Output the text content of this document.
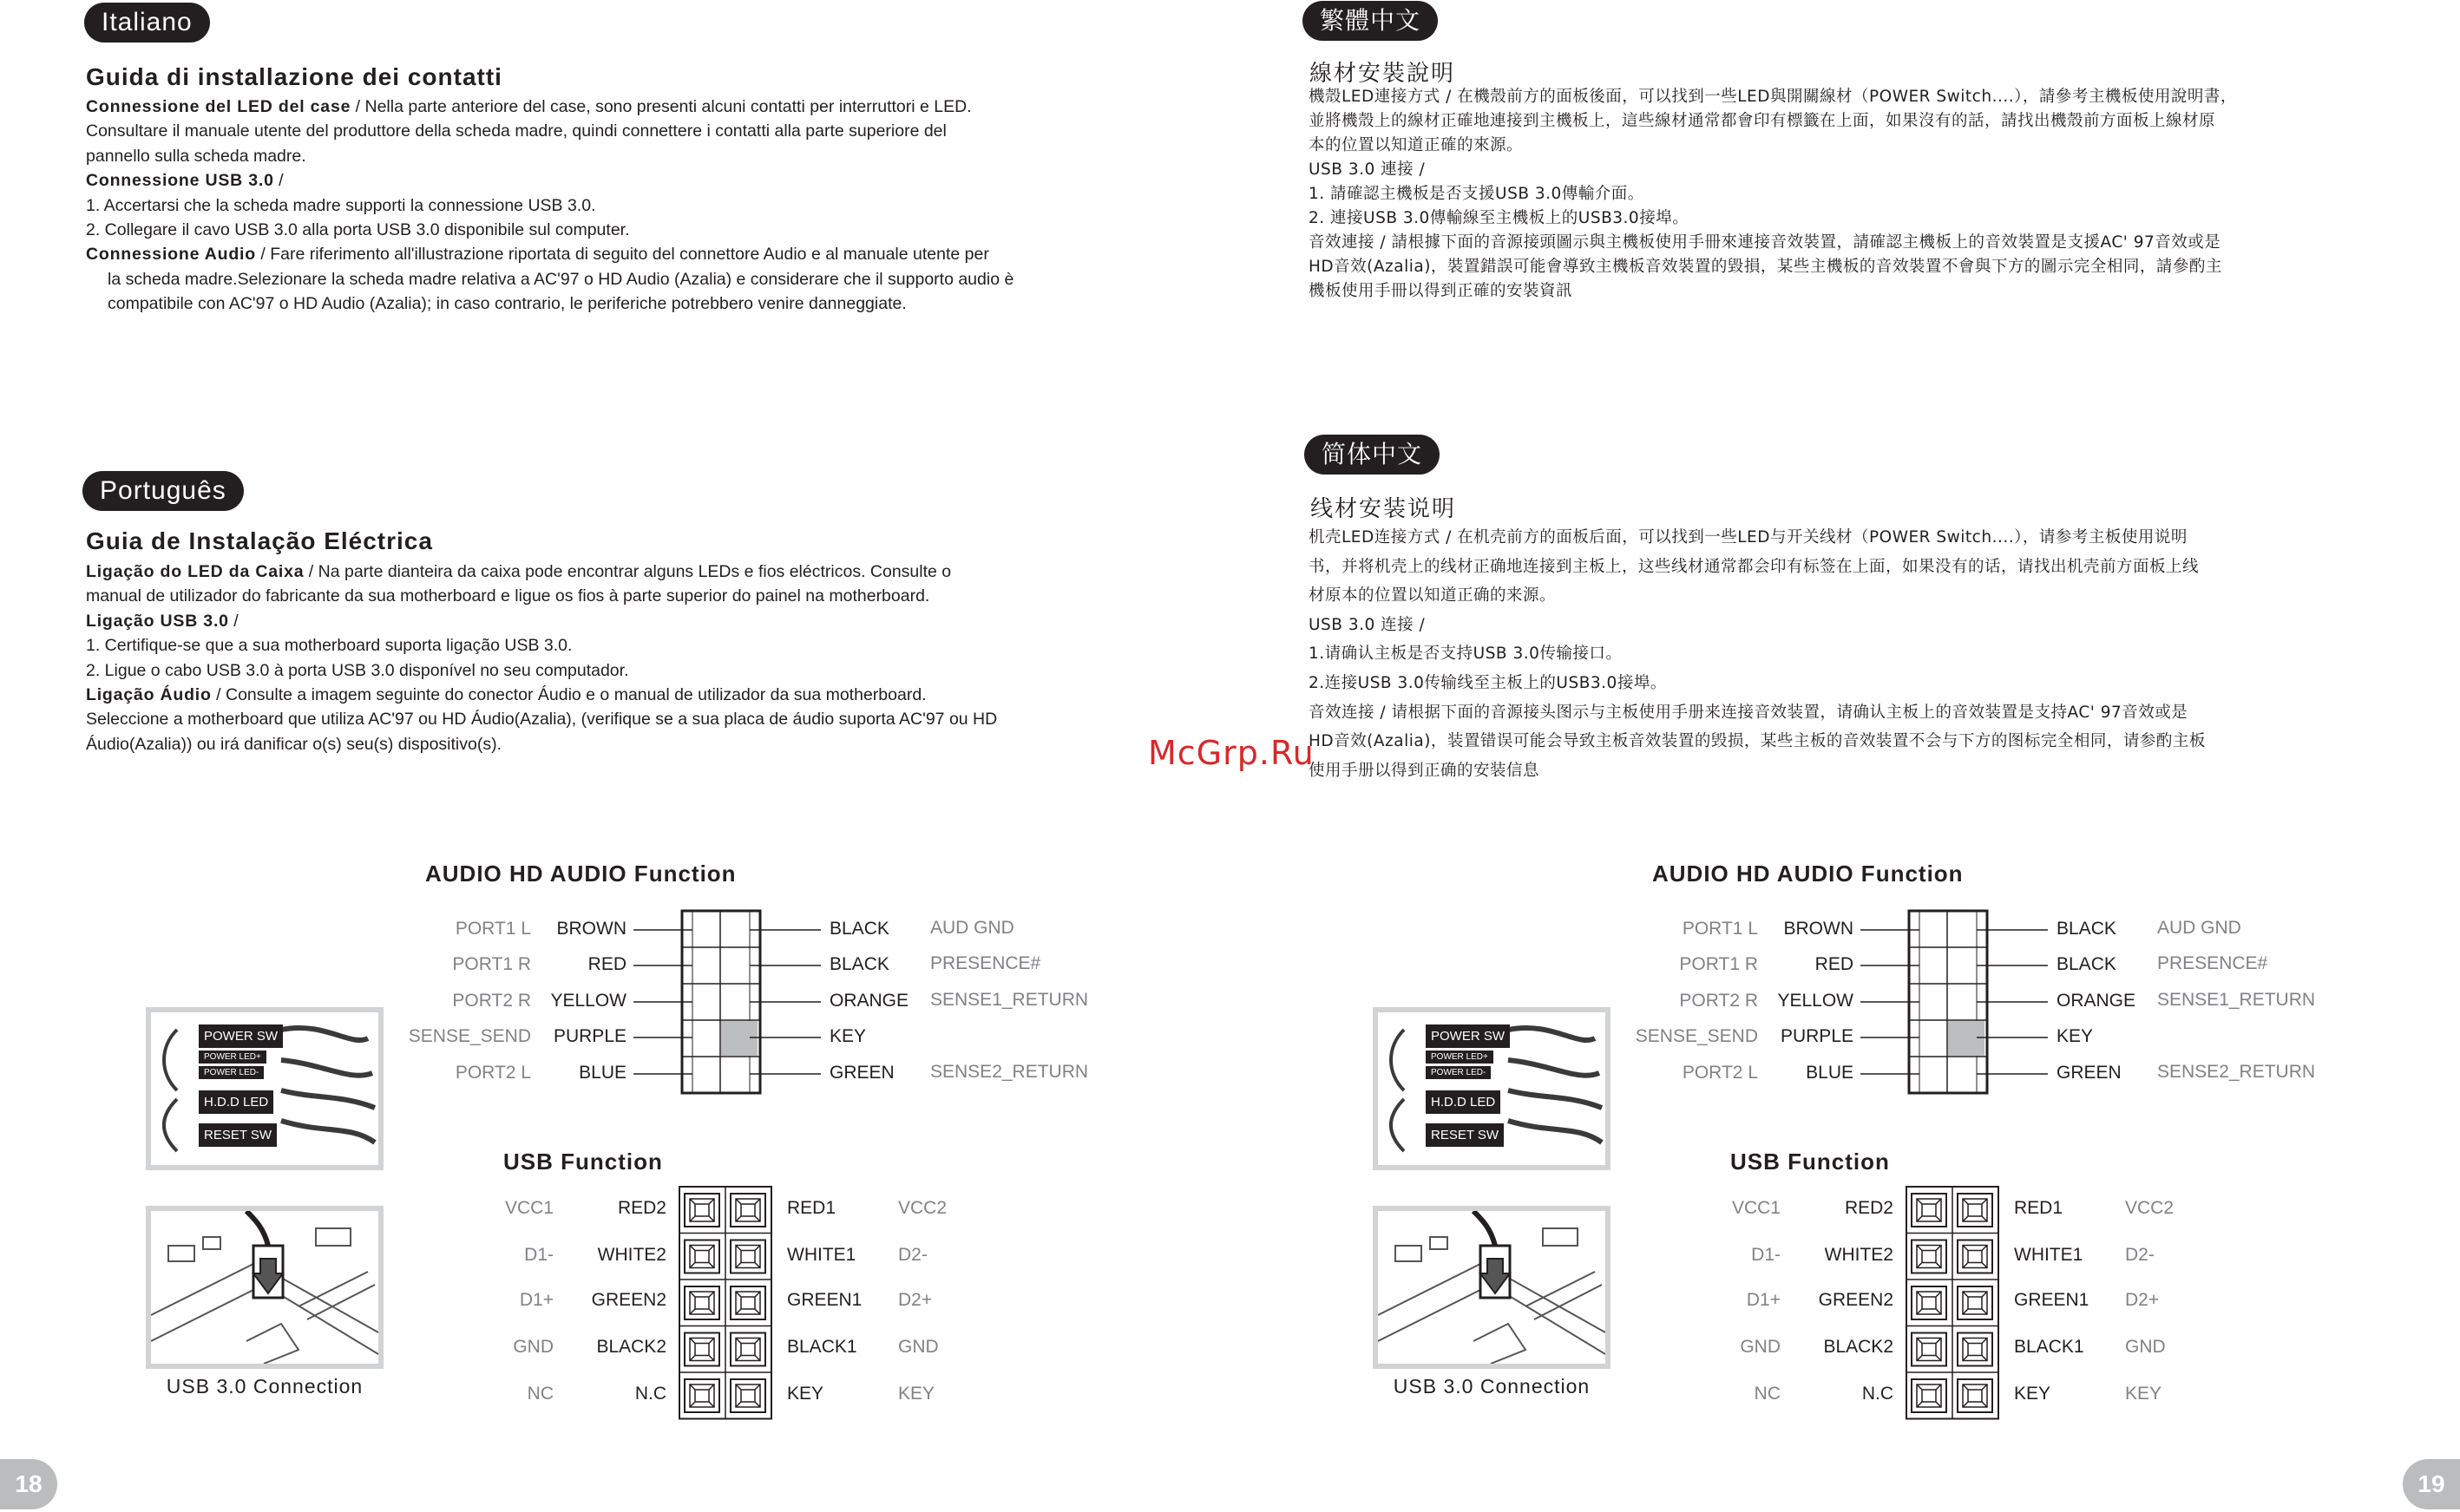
Italiano
Guida di installazione dei contatti

Connessione del LED del case / Nella parte anteriore del case, sono presenti alcuni contatti per interruttori e LED.

Consultare il manuale utente del produttore della scheda madre, quindi connettere i contatti alla parte superiore del

pannello sulla scheda madre.

Connessione USB 3.0 /

1. Accertarsi che la scheda madre supporti la connessione USB 3.0.

2. Collegare il cavo USB 3.0 alla porta USB 3.0 disponibile sul computer.

Connessione Audio / Fare riferimento all'illustrazione riportata di seguito del connettore Audio e al manuale utente per

la scheda madre.Selezionare la scheda madre relativa a AC'97 o HD Audio (Azalia) e considerare che il supporto audio è

compatibile con AC'97 o HD Audio (Azalia); in caso contrario, le periferiche potrebbero venire danneggiate.

Português
Guia de Instalação Eléctrica

Ligação do LED da Caixa / Na parte dianteira da caixa pode encontrar alguns LEDs e fios eléctricos. Consulte o

manual de utilizador do fabricante da sua motherboard e ligue os fios à parte superior do painel na motherboard.

Ligação USB 3.0 /

1. Certifique-se que a sua motherboard suporta ligação USB 3.0.

2. Ligue o cabo USB 3.0 à porta USB 3.0 disponível no seu computador.

Ligação Áudio / Consulte a imagem seguinte do conector Áudio e o manual de utilizador da sua motherboard.

Seleccione a motherboard que utiliza AC'97 ou HD Áudio(Azalia), (verifique se a sua placa de áudio suporta AC'97 ou HD

Áudio(Azalia)) ou irá danificar o(s) seu(s) dispositivo(s).

繁體中文
線材安裝說明

機殼LED連接方式 / 在機殼前方的面板後面，可以找到一些LED與開關線材（POWER Switch....），請參考主機板使用說明書，

並將機殼上的線材正確地連接到主機板上，這些線材通常都會印有標籤在上面，如果沒有的話，請找出機殼前方面板上線材原

本的位置以知道正確的來源。

USB 3.0 連接 /

1. 請確認主機板是否支援USB 3.0傳輸介面。

2. 連接USB 3.0傳輸線至主機板上的USB3.0接埠。

音效連接 / 請根據下面的音源接頭圖示與主機板使用手冊來連接音效裝置，請確認主機板上的音效裝置是支援AC' 97音效或是

HD音效(Azalia)，裝置錯誤可能會導致主機板音效裝置的毀損，某些主機板的音效裝置不會與下方的圖示完全相同，請參酌主

機板使用手冊以得到正確的安裝資訊

简体中文
线材安装说明

机壳LED连接方式 / 在机壳前方的面板后面，可以找到一些LED与开关线材（POWER Switch....），请参考主板使用说明

书，并将机壳上的线材正确地连接到主板上，这些线材通常都会印有标签在上面，如果没有的话，请找出机壳前方面板上线

材原本的位置以知道正确的来源。

USB 3.0 连接 /

1.请确认主板是否支持USB 3.0传输接口。

2.连接USB 3.0传输线至主板上的USB3.0接埠。

音效连接 / 请根据下面的音源接头图示与主板使用手册来连接音效装置，请确认主板上的音效装置是支持AC' 97音效或是

HD音效(Azalia)，装置错误可能会导致主板音效装置的毁损，某些主板的音效装置不会与下方的图标完全相同，请参酌主板

使用手册以得到正确的安装信息

McGrp.Ru
18	19
AUDIO HD AUDIO Function
PORT1 L	BROWN	BLACK	AUD GND
PORT1 R	RED	BLACK	PRESENCE#
PORT2 R	YELLOW	ORANGE	SENSE1_RETURN
SENSE_SEND	PURPLE	KEY
PORT2 L	BLUE	GREEN	SENSE2_RETURN
USB Function
VCC1	RED2	RED1	VCC2
D1-	WHITE2	WHITE1	D2-
D1+	GREEN2	GREEN1	D2+
GND	BLACK2	BLACK1	GND
NC	N.C	KEY	KEY
POWER SW
POWER LED+
POWER LED-
H.D.D LED
RESET SW
USB 3.0 Connection
AUDIO HD AUDIO Function
PORT1 L	BROWN	BLACK	AUD GND
PORT1 R	RED	BLACK	PRESENCE#
PORT2 R	YELLOW	ORANGE	SENSE1_RETURN
SENSE_SEND	PURPLE	KEY
PORT2 L	BLUE	GREEN	SENSE2_RETURN
USB Function
VCC1	RED2	RED1	VCC2
D1-	WHITE2	WHITE1	D2-
D1+	GREEN2	GREEN1	D2+
GND	BLACK2	BLACK1	GND
NC	N.C	KEY	KEY
POWER SW
POWER LED+
POWER LED-
H.D.D LED
RESET SW
USB 3.0 Connection
